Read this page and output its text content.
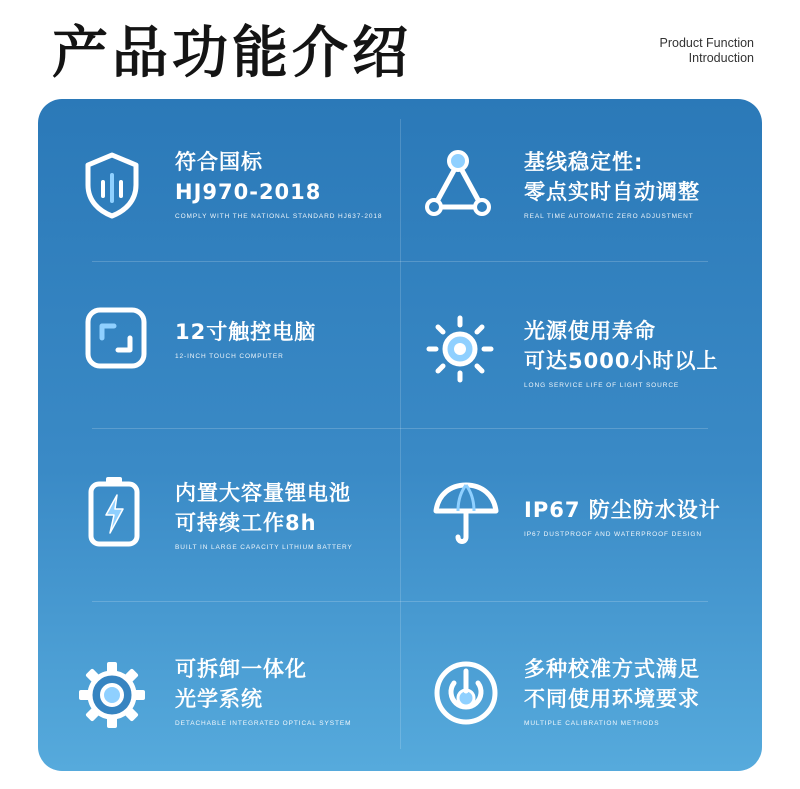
产品功能介绍	Product Function
Introduction
符合国标
HJ970-2018
COMPLY WITH THE NATIONAL STANDARD HJ637-2018
基线稳定性:
零点实时自动调整
REAL TIME AUTOMATIC ZERO ADJUSTMENT
12寸触控电脑
12-INCH TOUCH COMPUTER
光源使用寿命
可达5000小时以上
LONG SERVICE LIFE OF LIGHT SOURCE
内置大容量锂电池
可持续工作8h
BUILT IN LARGE CAPACITY LITHIUM BATTERY
IP67 防尘防水设计
IP67 DUSTPROOF AND WATERPROOF DESIGN
可拆卸一体化
光学系统
DETACHABLE INTEGRATED OPTICAL SYSTEM
多种校准方式满足
不同使用环境要求
MULTIPLE CALIBRATION METHODS
